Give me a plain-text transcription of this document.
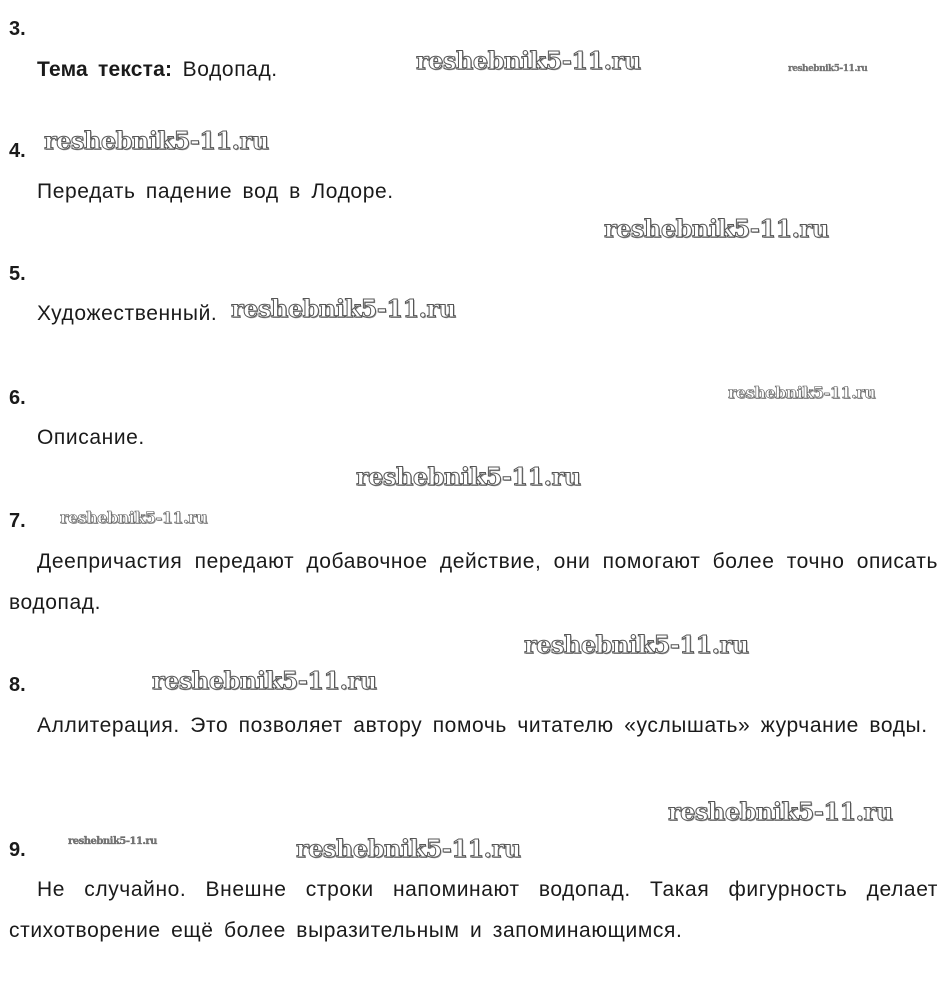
3.

Тема текста: Водопад.

4.

Передать падение вод в Лодоре.

5.

Художественный.

6.

Описание.

7.

Деепричастия передают добавочное действие, они помогают более точно описать водопад.

8.

Аллитерация. Это позволяет автору помочь читателю «услышать» журчание воды.

9.

Не случайно. Внешне строки напоминают водопад. Такая фигурность делает стихотворение ещё более выразительным и запоминающимся.

reshebnik5-11.ru	reshebnik5-11.ru
reshebnik5-11.ru
reshebnik5-11.ru
reshebnik5-11.ru
reshebnik5-11.ru
reshebnik5-11.ru
reshebnik5-11.ru
reshebnik5-11.ru
reshebnik5-11.ru
reshebnik5-11.ru
reshebnik5-11.ru	reshebnik5-11.ru
